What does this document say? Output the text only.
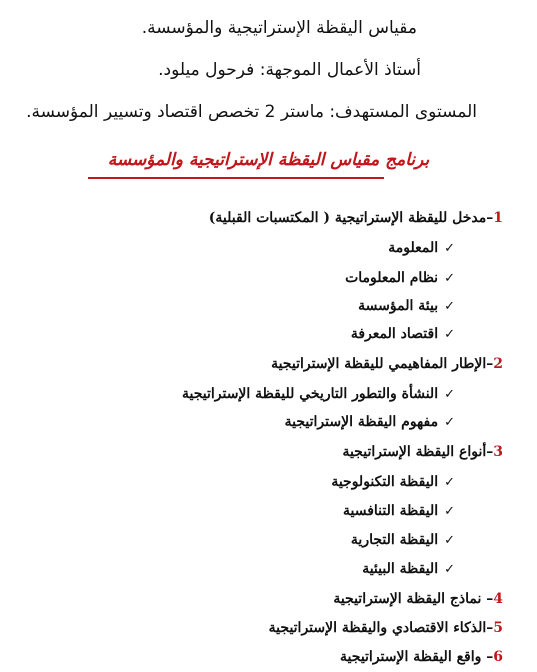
مقياس اليقظة الإستراتيجية والمؤسسة.
أستاذ الأعمال الموجهة: فرحول ميلود.
المستوى المستهدف: ماستر 2 تخصص اقتصاد وتسيير المؤسسة.
برنامج مقياس اليقظة الإستراتيجية والمؤسسة
1–مدخل لليقظة الإستراتيجية ( المكتسبات القبلية)
✓المعلومة
✓نظام المعلومات
✓بيئة المؤسسة
✓اقتصاد المعرفة
2–الإطار المفاهيمي لليقظة الإستراتيجية
✓النشأة والتطور التاريخي لليقظة الإستراتيجية
✓مفهوم اليقظة الإستراتيجية
3–أنواع اليقظة الإستراتيجية
✓اليقظة التكنولوجية
✓اليقظة التنافسية
✓اليقظة التجارية
✓اليقظة البيئية
4– نماذج اليقظة الإستراتيجية
5–الذكاء الاقتصادي واليقظة الإستراتيجية
6– واقع اليقظة الإستراتيجية
